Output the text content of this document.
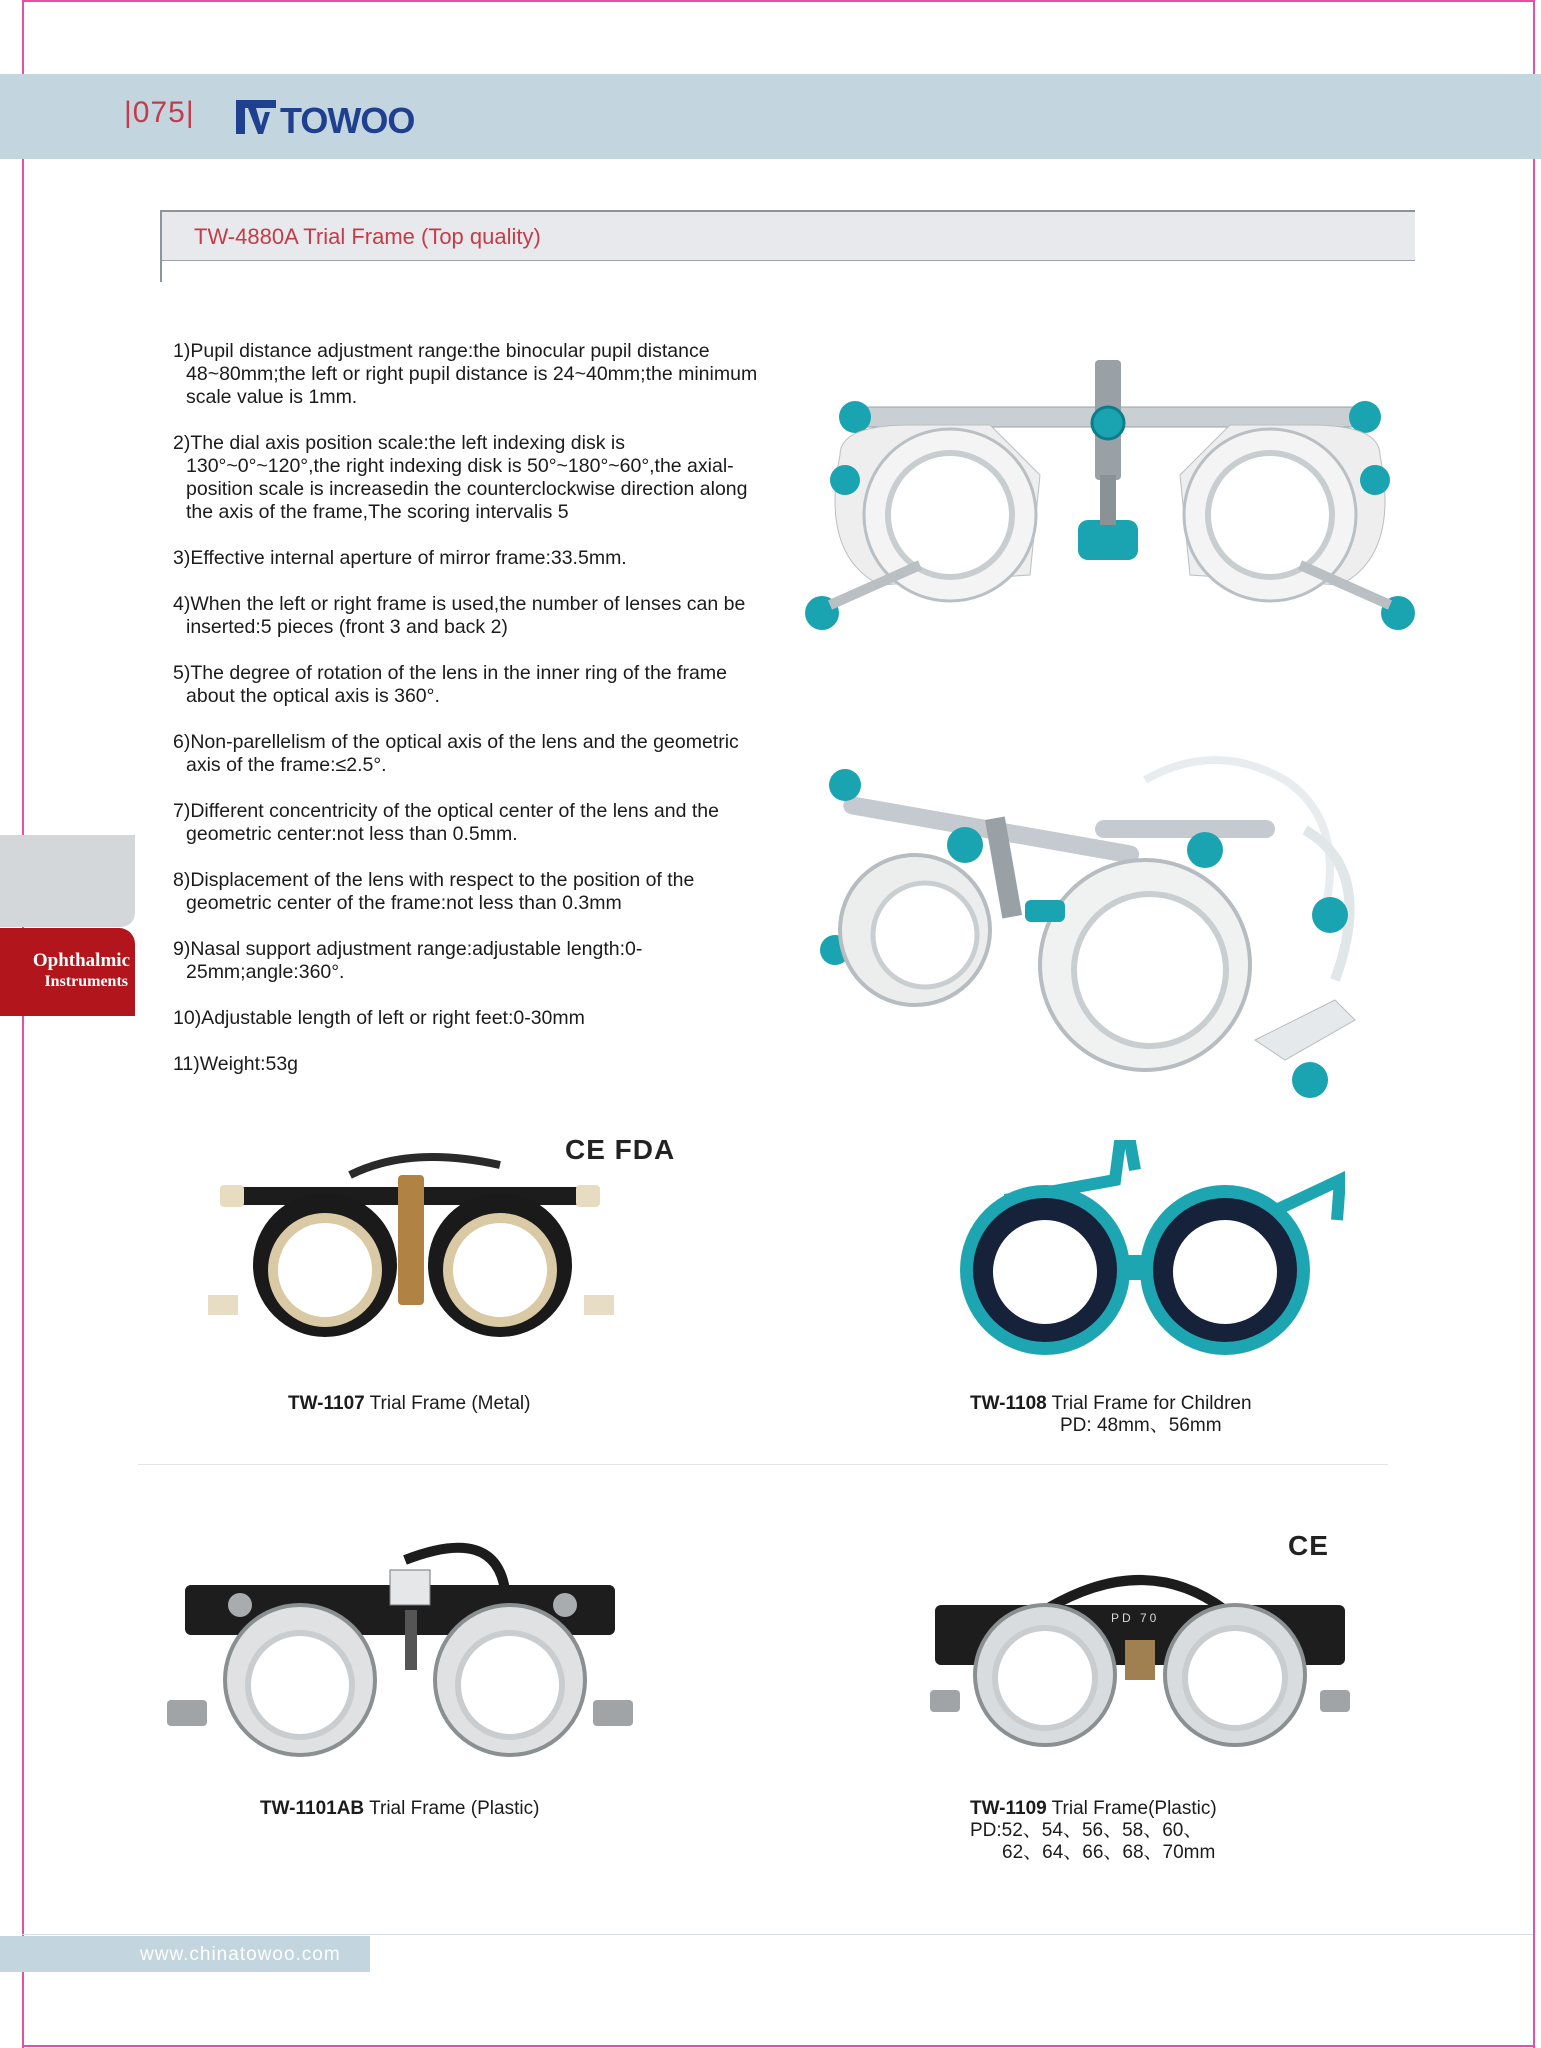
|075| TOWOO
TW-4880A Trial Frame (Top quality)

1)Pupil distance adjustment range:the binocular pupil distance 48~80mm;the left or right pupil distance is 24~40mm;the minimum scale value is 1mm.

2)The dial axis position scale:the left indexing disk is 130°~0°~120°,the right indexing disk is 50°~180°~60°,the axial-position scale is increasedin the counterclockwise direction along the axis of the frame,The scoring intervalis 5

3)Effective internal aperture of mirror frame:33.5mm.

4)When the left or right frame is used,the number of lenses can be inserted:5 pieces (front 3 and back 2)

5)The degree of rotation of the lens in the inner ring of the frame about the optical axis is 360°.

6)Non-parellelism of the optical axis of the lens and the geometric axis of the frame:≤2.5°.

7)Different concentricity of the optical center of the lens and the geometric center:not less than 0.5mm.

8)Displacement of the lens with respect to the position of the geometric center of the frame:not less than 0.3mm

9)Nasal support adjustment range:adjustable length:0-25mm;angle:360°.

10)Adjustable length of left or right feet:0-30mm

11)Weight:53g

Ophthalmic
Instruments
CE FDA
CE
PD 70
TW-1107 Trial Frame (Metal)	TW-1108 Trial Frame for Children
PD: 48mm、56mm
TW-1101AB Trial Frame (Plastic)	TW-1109 Trial Frame(Plastic)
PD:52、54、56、58、60、
62、64、66、68、70mm
www.chinatowoo.com
